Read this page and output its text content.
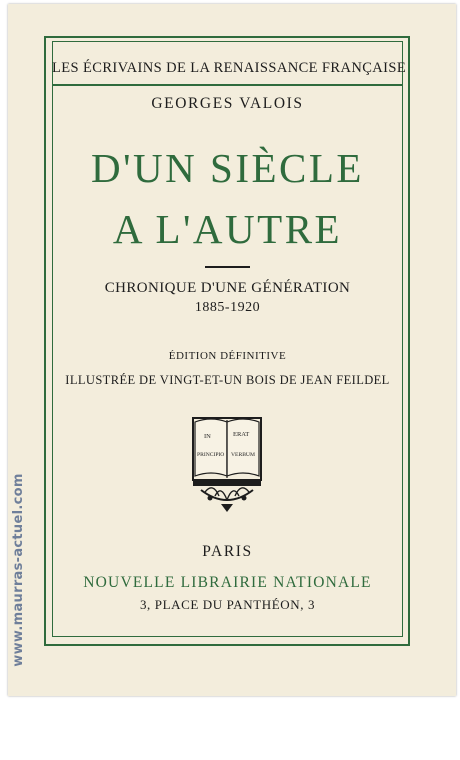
LES ÉCRIVAINS DE LA RENAISSANCE FRANÇAISE
GEORGES VALOIS
D'UN SIÈCLE
A L'AUTRE
CHRONIQUE D'UNE GÉNÉRATION
1885-1920
ÉDITION DÉFINITIVE
ILLUSTRÉE DE VINGT-ET-UN BOIS DE JEAN FEILDEL
IN	ERAT
PRINCIPIO VERBUM
PARIS
NOUVELLE LIBRAIRIE NATIONALE
3, PLACE DU PANTHÉON, 3
www.maurras-actuel.com
